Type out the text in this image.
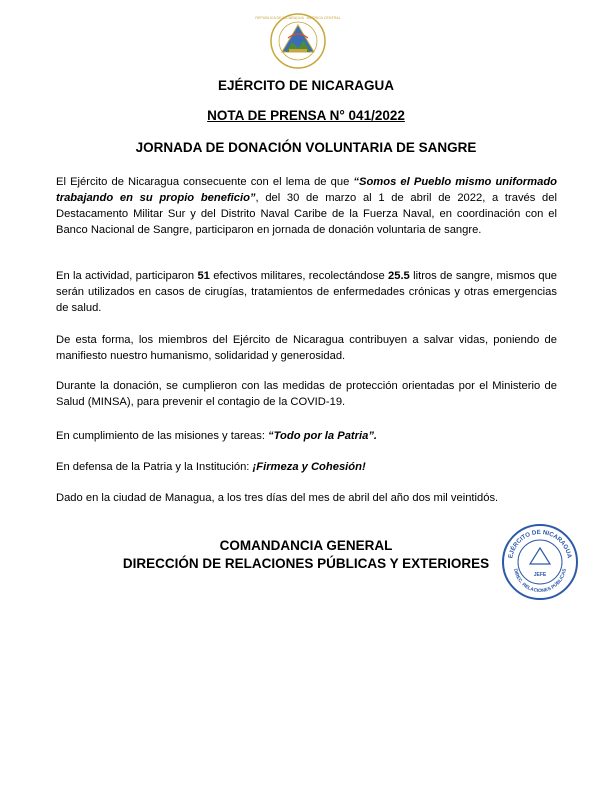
REPÚBLICA DE NICARAGUA · AMÉRICA CENTRAL
EJÉRCITO DE NICARAGUA
NOTA DE PRENSA N° 041/2022
JORNADA DE DONACIÓN VOLUNTARIA DE SANGRE
El Ejército de Nicaragua consecuente con el lema de que “Somos el Pueblo mismo uniformado trabajando en su propio beneficio”, del 30 de marzo al 1 de abril de 2022, a través del Destacamento Militar Sur y del Distrito Naval Caribe de la Fuerza Naval, en coordinación con el Banco Nacional de Sangre, participaron en jornada de donación voluntaria de sangre.
En la actividad, participaron 51 efectivos militares, recolectándose 25.5 litros de sangre, mismos que serán utilizados en casos de cirugías, tratamientos de enfermedades crónicas y otras emergencias de salud.
De esta forma, los miembros del Ejército de Nicaragua contribuyen a salvar vidas, poniendo de manifiesto nuestro humanismo, solidaridad y generosidad.
Durante la donación, se cumplieron con las medidas de protección orientadas por el Ministerio de Salud (MINSA), para prevenir el contagio de la COVID-19.
En cumplimiento de las misiones y tareas: “Todo por la Patria”.
En defensa de la Patria y la Institución: ¡Firmeza y Cohesión!
Dado en la ciudad de Managua, a los tres días del mes de abril del año dos mil veintidós.
COMANDANCIA GENERAL
DIRECCIÓN DE RELACIONES PÚBLICAS Y EXTERIORES	EJÉRCITO DE NICARAGUA
DIREC. RELACIONES PÚBLICAS
JEFE
